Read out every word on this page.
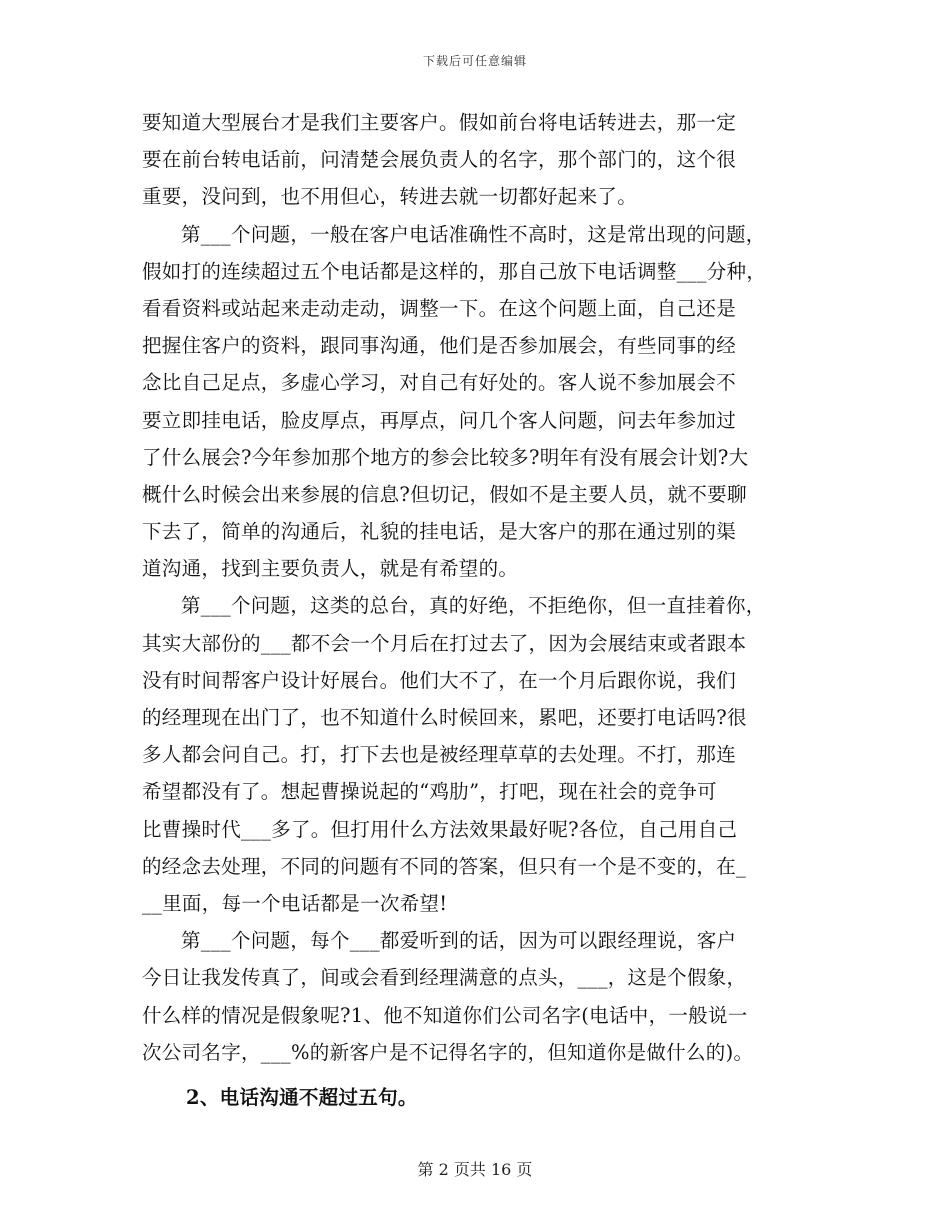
下载后可任意编辑
要知道大型展台才是我们主要客户。假如前台将电话转进去，那一定
要在前台转电话前，问清楚会展负责人的名字，那个部门的，这个很
重要，没问到，也不用但心，转进去就一切都好起来了。
第___个问题，一般在客户电话准确性不高时，这是常出现的问题，
假如打的连续超过五个电话都是这样的，那自己放下电话调整___分种，
看看资料或站起来走动走动，调整一下。在这个问题上面，自己还是
把握住客户的资料，跟同事沟通，他们是否参加展会，有些同事的经
念比自己足点，多虚心学习，对自己有好处的。客人说不参加展会不
要立即挂电话，脸皮厚点，再厚点，问几个客人问题，问去年参加过
了什么展会?今年参加那个地方的参会比较多?明年有没有展会计划?大
概什么时候会出来参展的信息?但切记，假如不是主要人员，就不要聊
下去了，简单的沟通后，礼貌的挂电话，是大客户的那在通过别的渠
道沟通，找到主要负责人，就是有希望的。
第___个问题，这类的总台，真的好绝，不拒绝你，但一直挂着你，
其实大部份的___都不会一个月后在打过去了，因为会展结束或者跟本
没有时间帮客户设计好展台。他们大不了，在一个月后跟你说，我们
的经理现在出门了，也不知道什么时候回来，累吧，还要打电话吗?很
多人都会问自己。打，打下去也是被经理草草的去处理。不打，那连
希望都没有了。想起曹操说起的“鸡肋”，打吧，现在社会的竞争可
比曹操时代___多了。但打用什么方法效果最好呢?各位，自己用自己
的经念去处理，不同的问题有不同的答案，但只有一个是不变的，在_
__里面，每一个电话都是一次希望!
第___个问题，每个___都爱听到的话，因为可以跟经理说，客户
今日让我发传真了，间或会看到经理满意的点头，___，这是个假象，
什么样的情况是假象呢?1、他不知道你们公司名字(电话中，一般说一
次公司名字，___%的新客户是不记得名字的，但知道你是做什么的)。
2、电话沟通不超过五句。
第 2 页共 16 页
